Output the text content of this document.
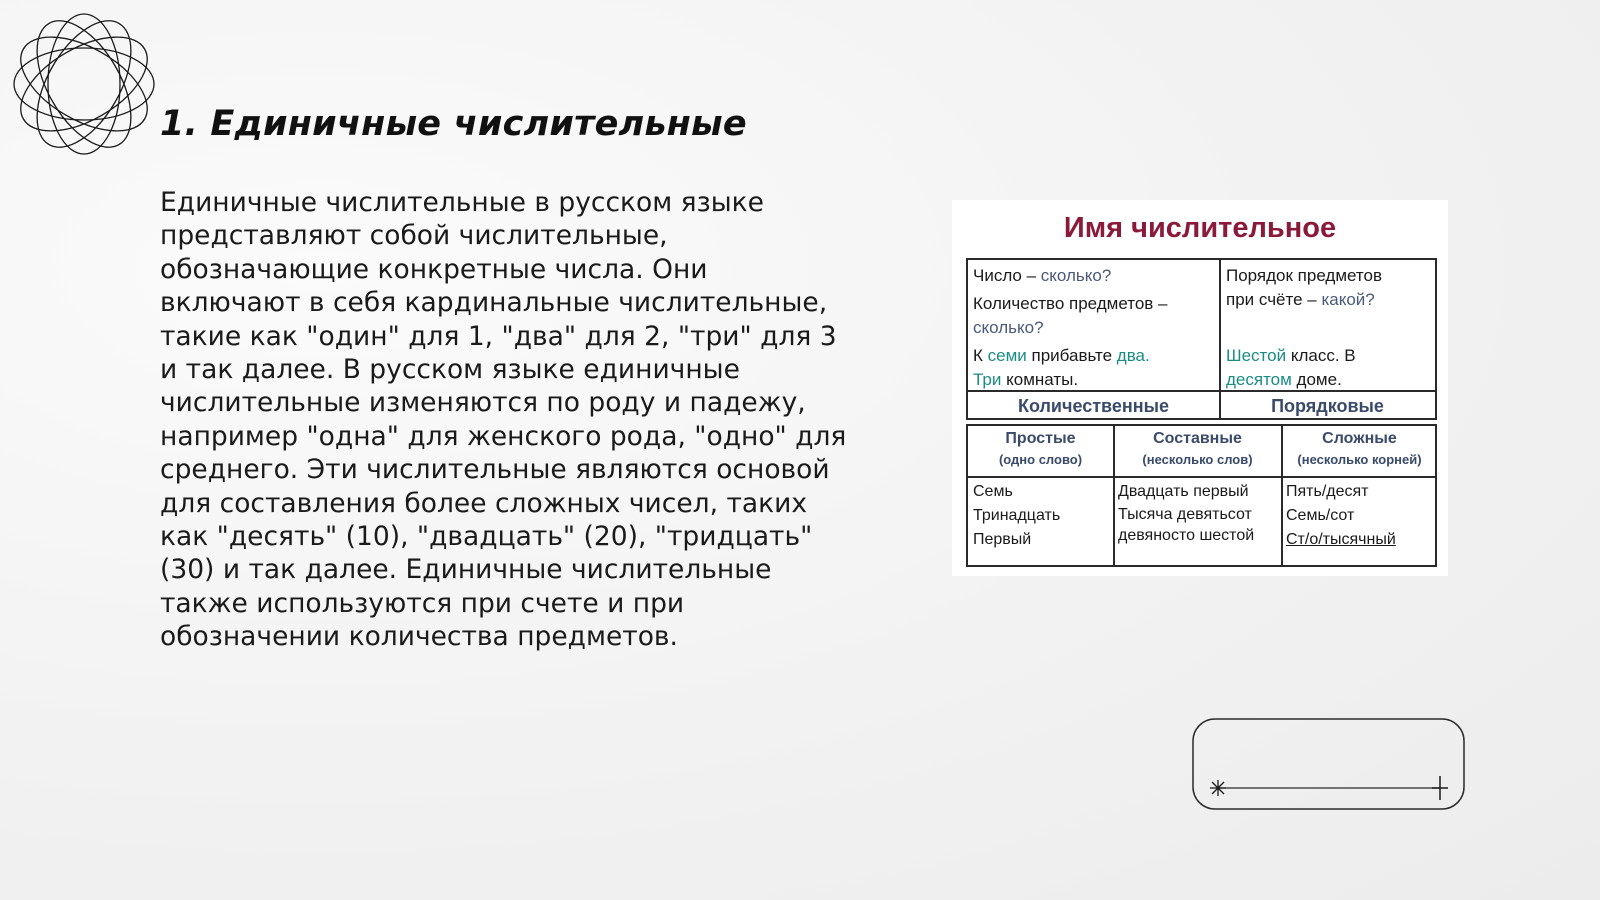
1. Единичные числительные
Единичные числительные в русском языке представляют собой числительные, обозначающие конкретные числа. Они включают в себя кардинальные числительные, такие как "один" для 1, "два" для 2, "три" для 3 и так далее. В русском языке единичные числительные изменяются по роду и падежу, например "одна" для женского рода, "одно" для среднего. Эти числительные являются основой для составления более сложных чисел, таких как "десять" (10), "двадцать" (20), "тридцать" (30) и так далее. Единичные числительные также используются при счете и при обозначении количества предметов.
Имя числительное
Число – сколько?
Количество предметов –
сколько?
К семи прибавьте два.
Три комнаты.
Порядок предметов
при счёте – какой?
Шестой класс. В
десятом доме.
Количественные	Порядковые
Простые
(одно слово)
Составные
(несколько слов)
Сложные
(несколько корней)
Семь
Тринадцать
Первый
Двадцать первый
Тысяча девятьсот
девяносто шестой
Пять/десят
Семь/сот
Ст/о/тысячный
